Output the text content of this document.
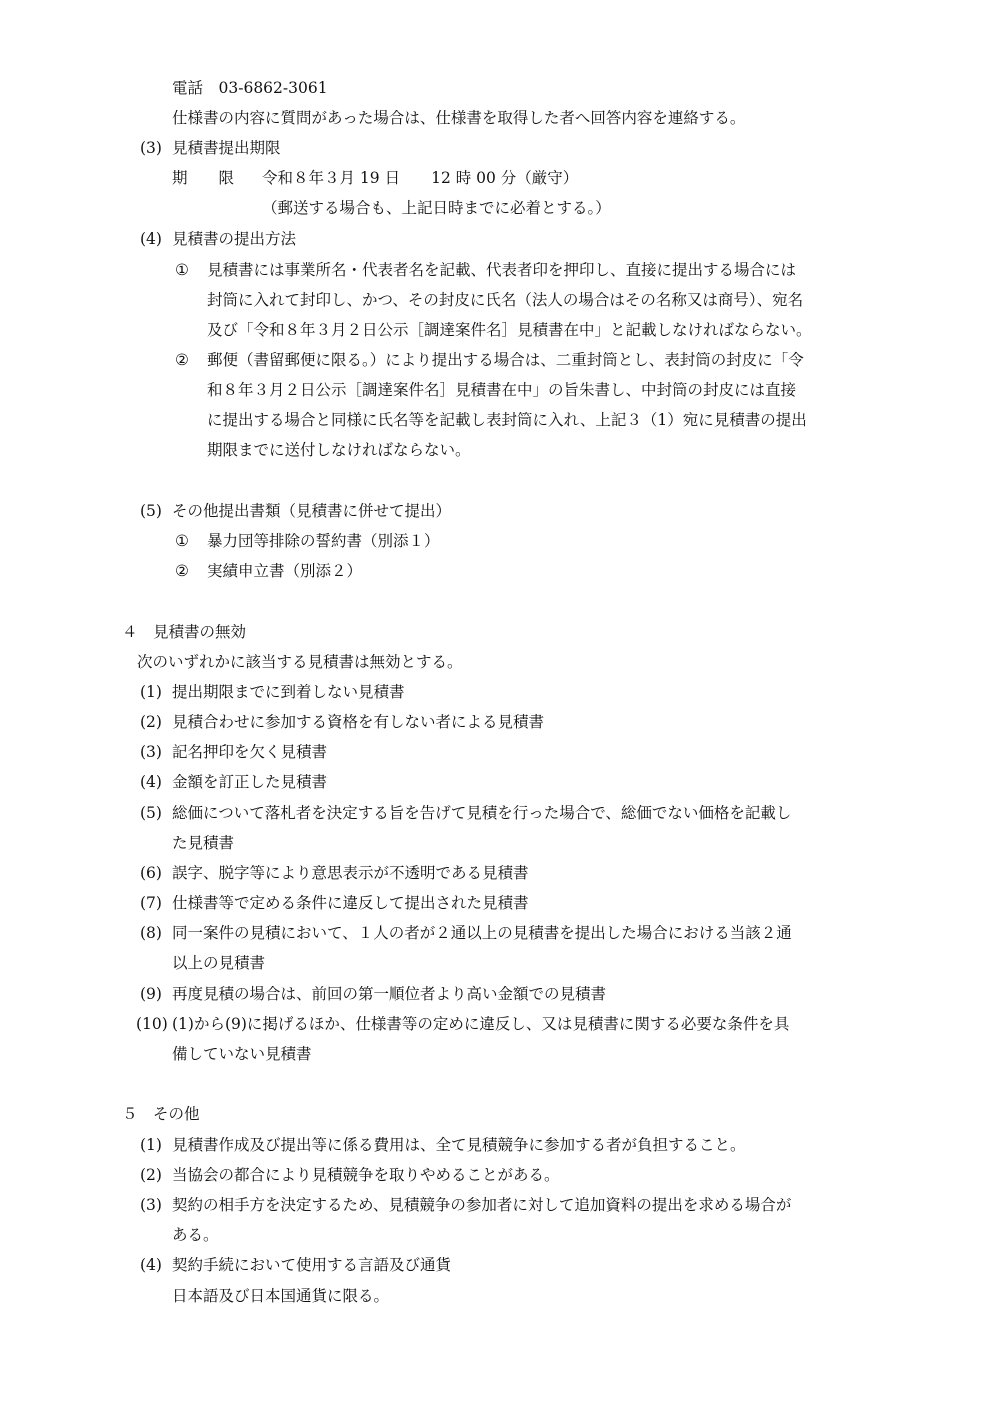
電話　03-6862-3061
仕様書の内容に質問があった場合は、仕様書を取得した者へ回答内容を連絡する。
(3) 見積書提出期限
期　　限 令和８年３月 19 日　　12 時 00 分（厳守）
（郵送する場合も、上記日時までに必着とする。）
(4) 見積書の提出方法
① 見積書には事業所名・代表者名を記載、代表者印を押印し、直接に提出する場合には
封筒に入れて封印し、かつ、その封皮に氏名（法人の場合はその名称又は商号）、宛名
及び「令和８年３月２日公示［調達案件名］見積書在中」と記載しなければならない。
② 郵便（書留郵便に限る。）により提出する場合は、二重封筒とし、表封筒の封皮に「令
和８年３月２日公示［調達案件名］見積書在中」の旨朱書し、中封筒の封皮には直接
に提出する場合と同様に氏名等を記載し表封筒に入れ、上記３（1）宛に見積書の提出
期限までに送付しなければならない。
(5) その他提出書類（見積書に併せて提出）
① 暴力団等排除の誓約書（別添１）
② 実績申立書（別添２）
４　見積書の無効
次のいずれかに該当する見積書は無効とする。
(1) 提出期限までに到着しない見積書
(2) 見積合わせに参加する資格を有しない者による見積書
(3) 記名押印を欠く見積書
(4) 金額を訂正した見積書
(5) 総価について落札者を決定する旨を告げて見積を行った場合で、総価でない価格を記載し
た見積書
(6) 誤字、脱字等により意思表示が不透明である見積書
(7) 仕様書等で定める条件に違反して提出された見積書
(8) 同一案件の見積において、１人の者が２通以上の見積書を提出した場合における当該２通
以上の見積書
(9) 再度見積の場合は、前回の第一順位者より高い金額での見積書
(10) (1)から(9)に掲げるほか、仕様書等の定めに違反し、又は見積書に関する必要な条件を具
備していない見積書
５　その他
(1) 見積書作成及び提出等に係る費用は、全て見積競争に参加する者が負担すること。
(2) 当協会の都合により見積競争を取りやめることがある。
(3) 契約の相手方を決定するため、見積競争の参加者に対して追加資料の提出を求める場合が
ある。
(4) 契約手続において使用する言語及び通貨
日本語及び日本国通貨に限る。
